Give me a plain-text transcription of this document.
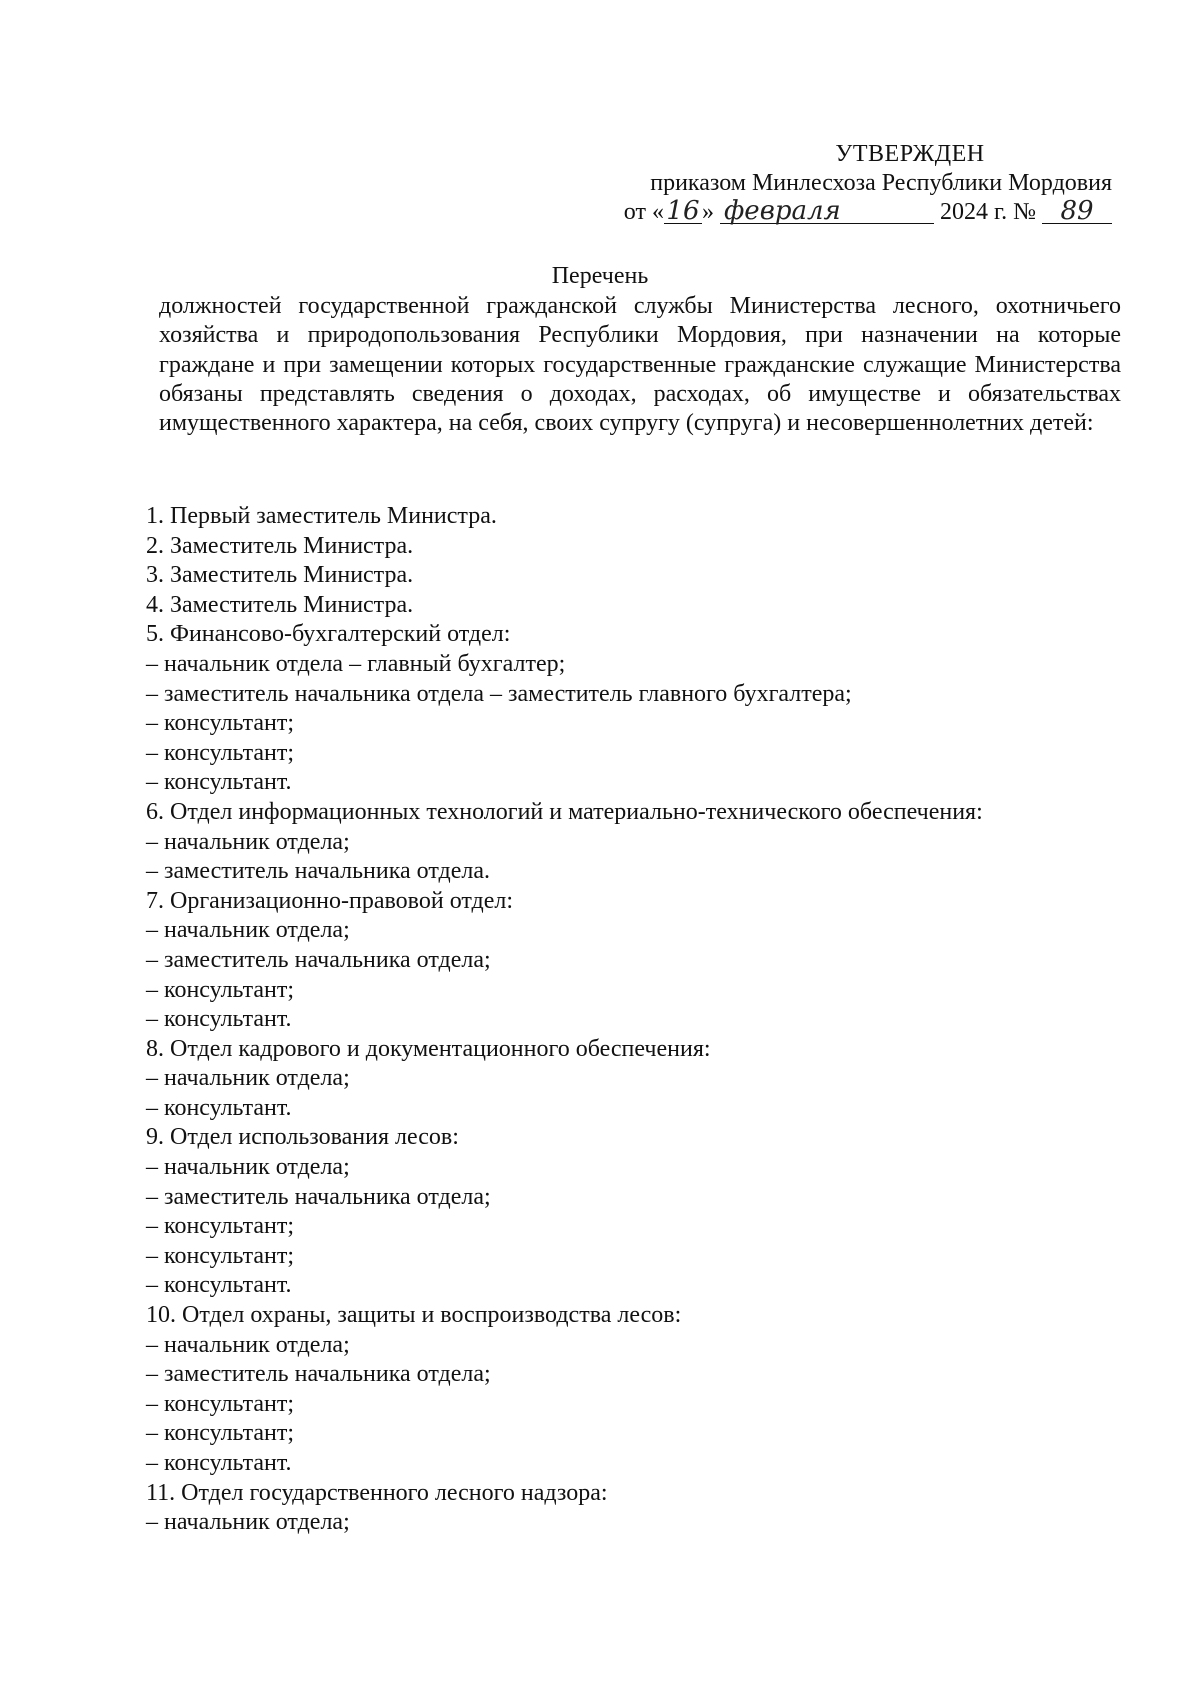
УТВЕРЖДЕН
приказом Минлесхоза Республики Мордовия
от «16 » февраля	2024 г. № 89
Перечень
должностей государственной гражданской службы Министерства лесного, охотничьего хозяйства и природопользования Республики Мордовия, при назначении на которые граждане и при замещении которых государственные гражданские служащие Министерства обязаны представлять сведения о доходах, расходах, об имуществе и обязательствах имущественного характера, на себя, своих супругу (супруга) и несовершеннолетних детей:
1. Первый заместитель Министра.
2. Заместитель Министра.
3. Заместитель Министра.
4. Заместитель Министра.
5. Финансово-бухгалтерский отдел:
– начальник отдела – главный бухгалтер;
– заместитель начальника отдела – заместитель главного бухгалтера;
– консультант;
– консультант;
– консультант.
6. Отдел информационных технологий и материально-технического обеспечения:
– начальник отдела;
– заместитель начальника отдела.
7. Организационно-правовой отдел:
– начальник отдела;
– заместитель начальника отдела;
– консультант;
– консультант.
8. Отдел кадрового и документационного обеспечения:
– начальник отдела;
– консультант.
9. Отдел использования лесов:
– начальник отдела;
– заместитель начальника отдела;
– консультант;
– консультант;
– консультант.
10. Отдел охраны, защиты и воспроизводства лесов:
– начальник отдела;
– заместитель начальника отдела;
– консультант;
– консультант;
– консультант.
11. Отдел государственного лесного надзора:
– начальник отдела;
